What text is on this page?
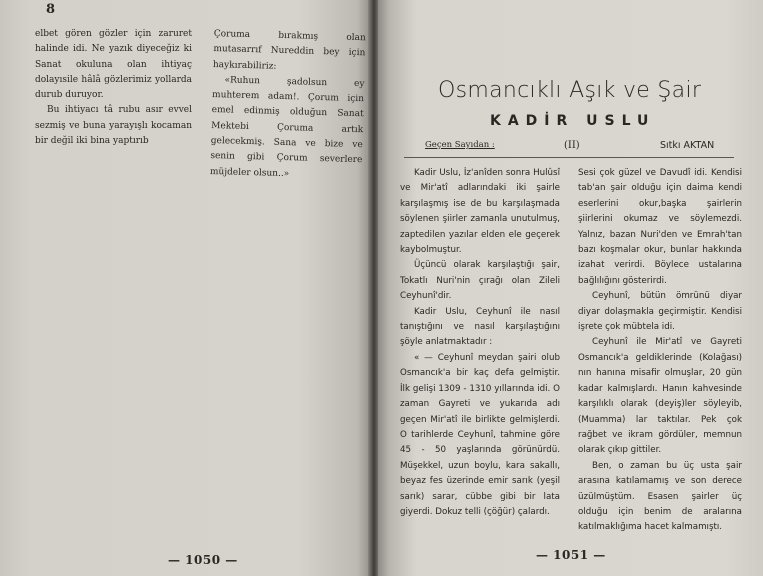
8

elbet gören gözler için zaruret halinde idi. Ne yazık diyeceğiz ki Sanat okuluna olan ihtiyaç dolayısile hâlâ gözlerimiz yollarda durub duruyor.

Bu ihtiyacı tâ rubu asır evvel sezmiş ve buna yarayışlı kocaman bir değil iki bina yaptırıb

Çoruma bırakmış olan mutasarrıf Nureddin bey için haykırabiliriz:

«Ruhun şadolsun ey muhterem adam!. Çorum için emel edinmiş olduğun Sanat Mektebi Çoruma artık gelecekmiş. Sana ve bize ve senin gibi Çorum severlere müjdeler olsun..»

— 1050 —
Osmancıklı Aşık ve Şair
KADİR USLU
Geçen Sayıdan :	(II)	Sıtkı AKTAN

Kadir Uslu, İz'anîden sonra Hulûsî ve Mir'atî adlarındaki iki şairle karşılaşmış ise de bu karşılaşmada söylenen şiirler zamanla unutulmuş, zaptedilen yazılar elden ele geçerek kaybolmuştur.

Üçüncü olarak karşılaştığı şair, Tokatlı Nuri'nin çırağı olan Zileli Ceyhunî'dir.

Kadir Uslu, Ceyhunî ile nasıl tanıştığını ve nasıl karşılaştığını şöyle anlatmaktadır :

« — Ceyhunî meydan şairi olub Osmancık'a bir kaç defa gelmiştir. İlk gelişi 1309 - 1310 yıllarında idi. O zaman Gayreti ve yukarıda adı geçen Mir'atî ile birlikte gelmişlerdi. O tarihlerde Ceyhunî, tahmine göre 45 - 50 yaşlarında görünürdü. Müşekkel, uzun boylu, kara sakallı, beyaz fes üzerinde emir sarık (yeşil sarık) sarar, cübbe gibi bir lata giyerdi. Dokuz telli (çöğür) çalardı.

Sesi çok güzel ve Davudî idi. Kendisi tab'an şair olduğu için daima kendi eserlerini okur,başka şairlerin şiirlerini okumaz ve söylemezdi. Yalnız, bazan Nuri'den ve Emrah'tan bazı koşmalar okur, bunlar hakkında izahat verirdi. Böylece ustalarına bağlılığını gösterirdi.

Ceyhunî, bütün ömrünü diyar diyar dolaşmakla geçirmiştir. Kendisi işrete çok mübtela idi.

Ceyhunî ile Mir'atî ve Gayreti Osmancık'a geldiklerinde (Kolağası) nın hanına misafir olmuşlar, 20 gün kadar kalmışlardı. Hanın kahvesinde karşılıklı olarak (deyiş)ler söyleyib, (Muamma) lar taktılar. Pek çok rağbet ve ikram gördüler, memnun olarak çıkıp gittiler.

Ben, o zaman bu üç usta şair arasına katılamamış ve son derece üzülmüştüm. Esasen şairler üç olduğu için benim de aralarına katılmaklığıma hacet kalmamıştı.

— 1051 —
